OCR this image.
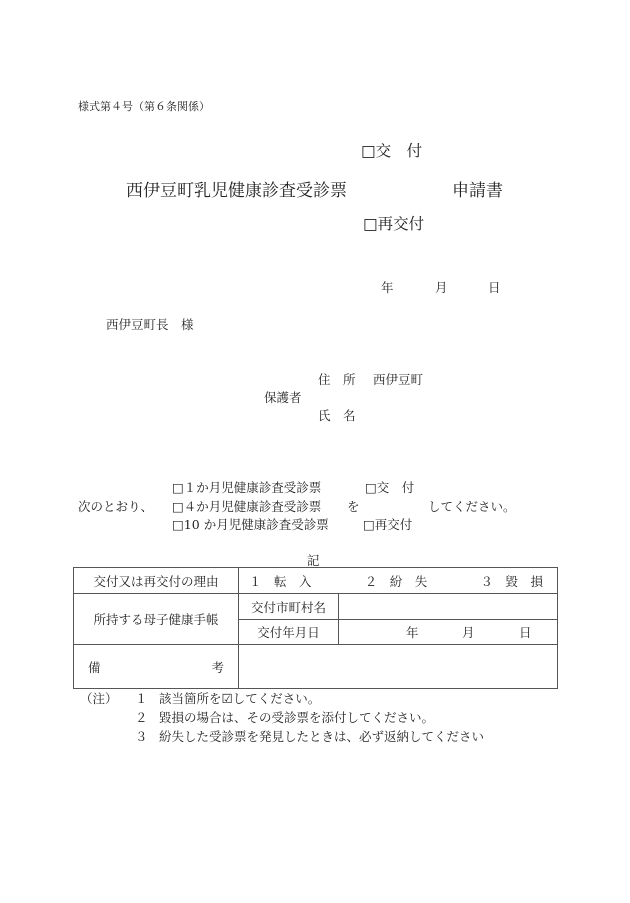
様式第４号（第６条関係）
□交　付
西伊豆町乳児健康診査受診票	申請書
□再交付
年	月	日
西伊豆町長　様
住　所 西伊豆町
保護者
氏　名
□１か月児健康診査受診票	□交　付
次のとおり、 □４か月児健康診査受診票 を	してください。
□10 か月児健康診査受診票	□再交付
記
交付又は再交付の理由	１　転　入 ２　紛　失 ３　毀　損	

所持する母子健康手帳	交付市町村名	
	交付年月日	年 月 日

備 考		

（注）	１ 該当箇所を☑してください。
２ 毀損の場合は、その受診票を添付してください。
３ 紛失した受診票を発見したときは、必ず返納してください
